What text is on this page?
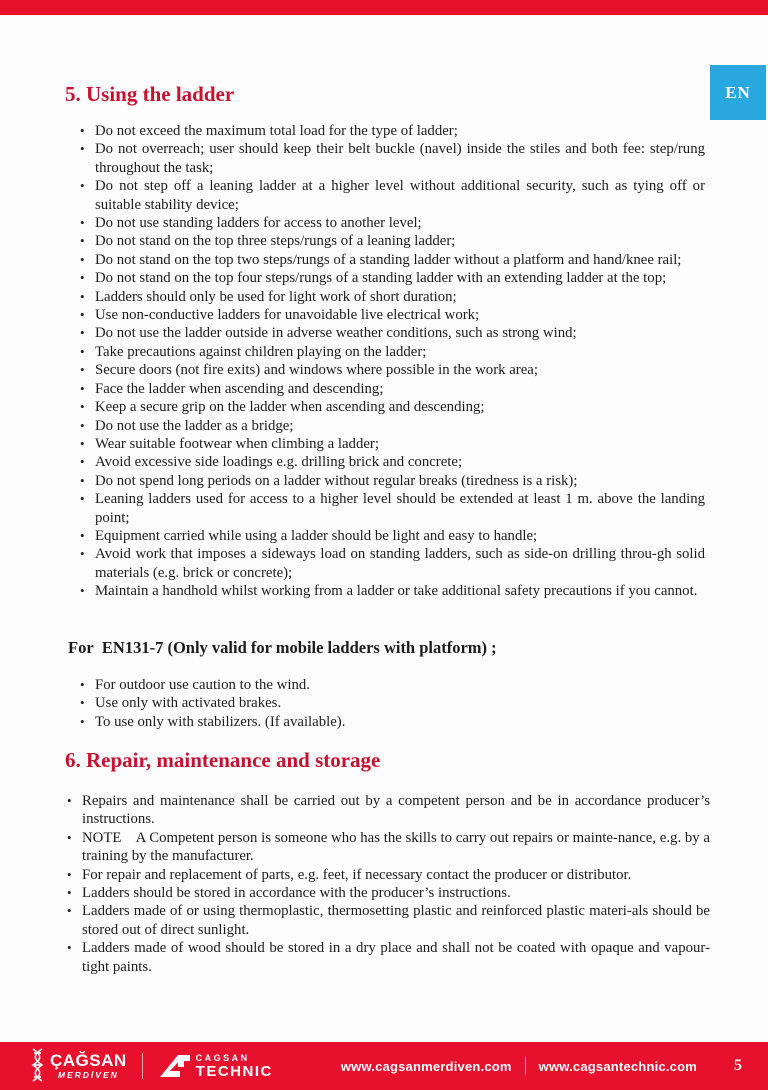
EN
5. Using the ladder
• Do not exceed the maximum total load for the type of ladder;
• Do not overreach; user should keep their belt buckle (navel) inside the stiles and both fee: step/rung throughout the task;
• Do not step off a leaning ladder at a higher level without additional security, such as tying off or suitable stability device;
• Do not use standing ladders for access to another level;
• Do not stand on the top three steps/rungs of a leaning ladder;
• Do not stand on the top two steps/rungs of a standing ladder without a platform and hand/knee rail;
• Do not stand on the top four steps/rungs of a standing ladder with an extending ladder at the top;
• Ladders should only be used for light work of short duration;
• Use non-conductive ladders for unavoidable live electrical work;
• Do not use the ladder outside in adverse weather conditions, such as strong wind;
• Take precautions against children playing on the ladder;
• Secure doors (not fire exits) and windows where possible in the work area;
• Face the ladder when ascending and descending;
• Keep a secure grip on the ladder when ascending and descending;
• Do not use the ladder as a bridge;
• Wear suitable footwear when climbing a ladder;
• Avoid excessive side loadings e.g. drilling brick and concrete;
• Do not spend long periods on a ladder without regular breaks (tiredness is a risk);
• Leaning ladders used for access to a higher level should be extended at least 1 m. above the landing point;
• Equipment carried while using a ladder should be light and easy to handle;
• Avoid work that imposes a sideways load on standing ladders, such as side-on drilling throu-gh solid materials (e.g. brick or concrete);
• Maintain a handhold whilst working from a ladder or take additional safety precautions if you cannot.
For  EN131-7 (Only valid for mobile ladders with platform) ;
• For outdoor use caution to the wind.
• Use only with activated brakes.
• To use only with stabilizers. (If available).
6. Repair, maintenance and storage
• Repairs and maintenance shall be carried out by a competent person and be in accordance producer’s instructions.
• NOTE    A Competent person is someone who has the skills to carry out repairs or mainte-nance, e.g. by a training by the manufacturer.
• For repair and replacement of parts, e.g. feet, if necessary contact the producer or distributor.
• Ladders should be stored in accordance with the producer’s instructions.
• Ladders made of or using thermoplastic, thermosetting plastic and reinforced plastic materi-als should be stored out of direct sunlight.
• Ladders made of wood should be stored in a dry place and shall not be coated with opaque and vapour-tight paints.
ÇAĞSAN
MERDİVEN
CAGSAN
TECHNIC	www.cagsanmerdiven.com www.cagsantechnic.com 5
